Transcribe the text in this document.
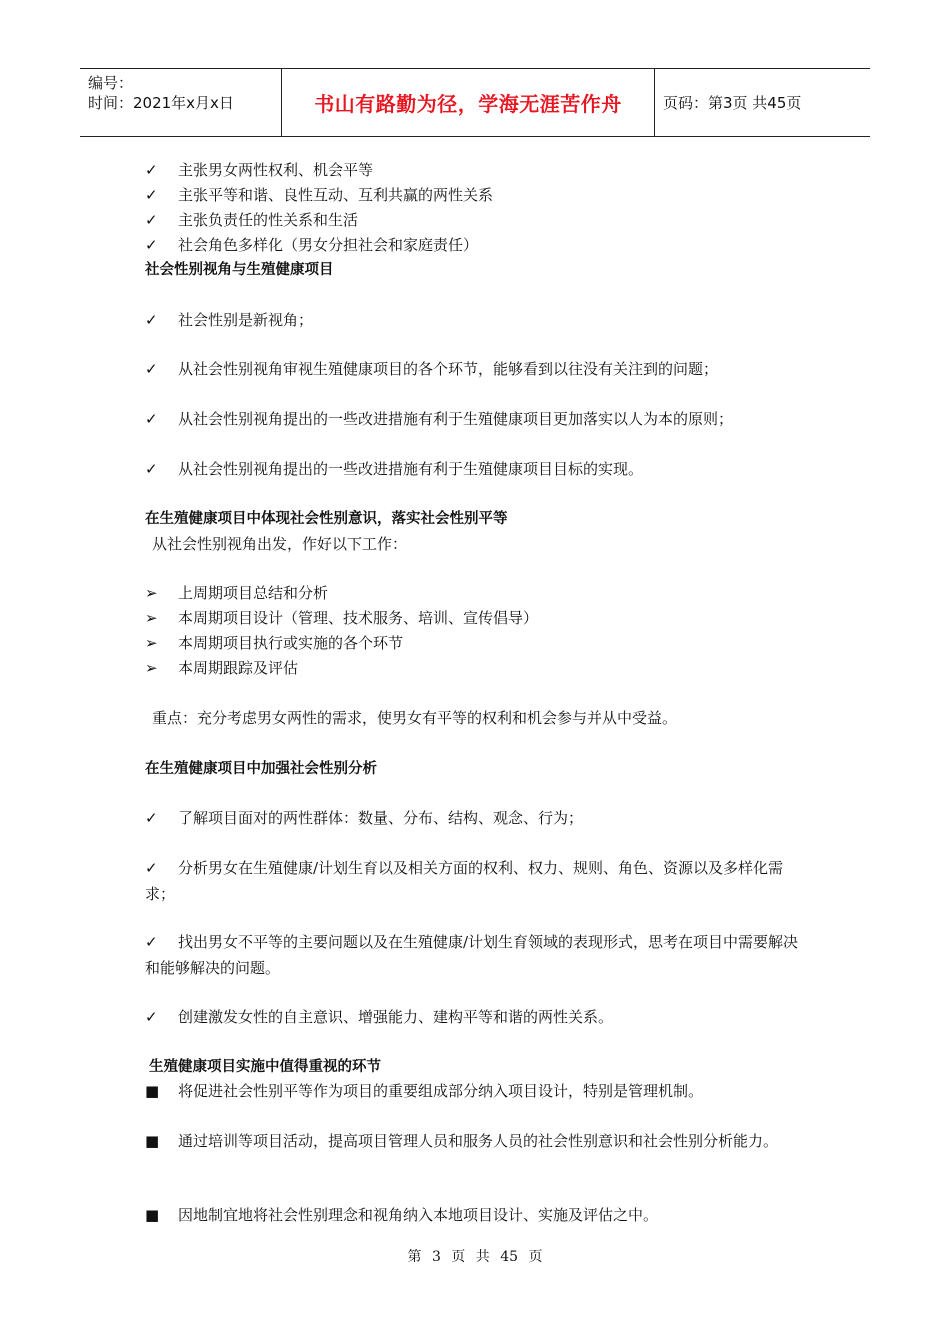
编号：
时间：2021年x月x日	书山有路勤为径，学海无涯苦作舟	页码：第3页 共45页
✓ 主张男女两性权利、机会平等
✓ 主张平等和谐、良性互动、互利共赢的两性关系
✓ 主张负责任的性关系和生活
✓ 社会角色多样化（男女分担社会和家庭责任）
社会性别视角与生殖健康项目
✓ 社会性别是新视角；
✓ 从社会性别视角审视生殖健康项目的各个环节，能够看到以往没有关注到的问题；
✓ 从社会性别视角提出的一些改进措施有利于生殖健康项目更加落实以人为本的原则；
✓ 从社会性别视角提出的一些改进措施有利于生殖健康项目目标的实现。
在生殖健康项目中体现社会性别意识，落实社会性别平等
从社会性别视角出发，作好以下工作：
➢ 上周期项目总结和分析
➢ 本周期项目设计（管理、技术服务、培训、宣传倡导）
➢ 本周期项目执行或实施的各个环节
➢ 本周期跟踪及评估
重点：充分考虑男女两性的需求，使男女有平等的权利和机会参与并从中受益。
在生殖健康项目中加强社会性别分析
✓ 了解项目面对的两性群体：数量、分布、结构、观念、行为；
✓ 分析男女在生殖健康/计划生育以及相关方面的权利、权力、规则、角色、资源以及多样化需求；
✓ 找出男女不平等的主要问题以及在生殖健康/计划生育领域的表现形式，思考在项目中需要解决和能够解决的问题。
✓ 创建激发女性的自主意识、增强能力、建构平等和谐的两性关系。
生殖健康项目实施中值得重视的环节
■ 将促进社会性别平等作为项目的重要组成部分纳入项目设计，特别是管理机制。
■ 通过培训等项目活动，提高项目管理人员和服务人员的社会性别意识和社会性别分析能力。
■ 因地制宜地将社会性别理念和视角纳入本地项目设计、实施及评估之中。
第 3 页 共 45 页
